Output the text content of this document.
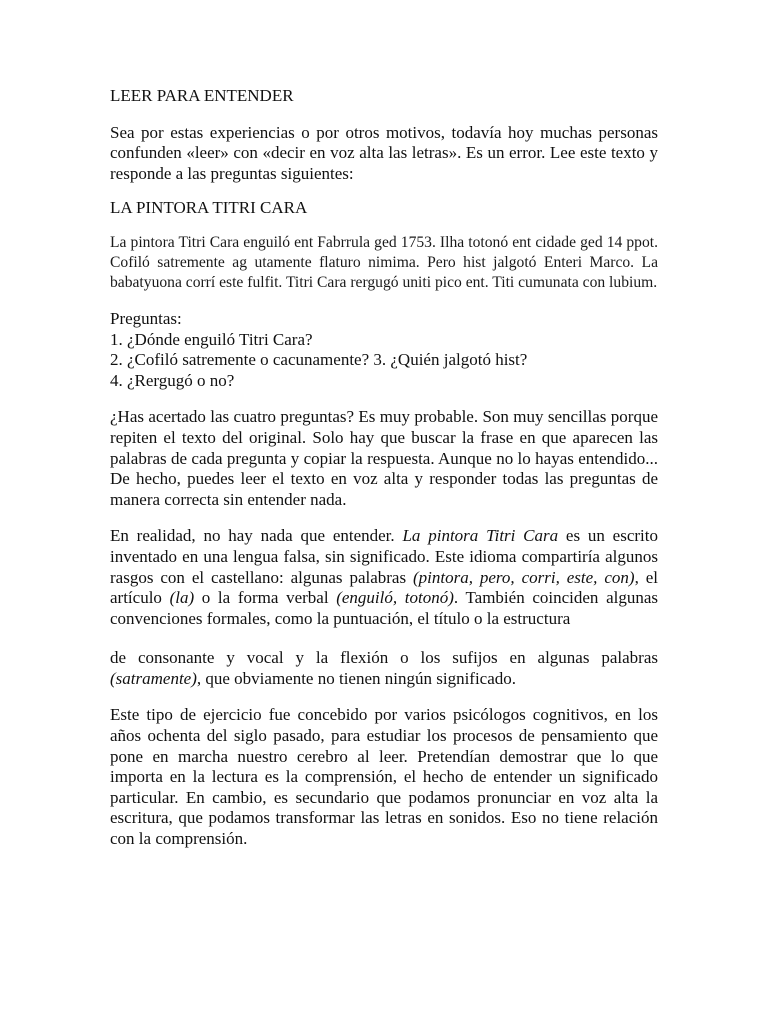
LEER PARA ENTENDER

Sea por estas experiencias o por otros motivos, todavía hoy muchas personas confunden «leer» con «decir en voz alta las letras». Es un error. Lee este texto y responde a las preguntas siguientes:

LA PINTORA TITRI CARA

La pintora Titri Cara enguiló ent Fabrrula ged 1753. Ilha totonó ent cidade ged 14 ppot. Cofiló satremente ag utamente flaturo nimima. Pero hist jalgotó Enteri Marco. La babatyuona corrí este fulfit. Titri Cara rergugó uniti pico ent. Titi cumunata con lubium.

Preguntas:
1. ¿Dónde enguiló Titri Cara?
2. ¿Cofiló satremente o cacunamente? 3. ¿Quién jalgotó hist?
4. ¿Rergugó o no?

¿Has acertado las cuatro preguntas? Es muy probable. Son muy sencillas porque repiten el texto del original. Solo hay que buscar la frase en que aparecen las palabras de cada pregunta y copiar la respuesta. Aunque no lo hayas entendido... De hecho, puedes leer el texto en voz alta y responder todas las preguntas de manera correcta sin entender nada.

En realidad, no hay nada que entender. La pintora Titri Cara es un escrito inventado en una lengua falsa, sin significado. Este idioma compartiría algunos rasgos con el castellano: algunas palabras (pintora, pero, corri, este, con), el artículo (la) o la forma verbal (enguiló, totonó). También coinciden algunas convenciones formales, como la puntuación, el título o la estructura

de consonante y vocal y la flexión o los sufijos en algunas palabras (satramente), que obviamente no tienen ningún significado.

Este tipo de ejercicio fue concebido por varios psicólogos cognitivos, en los años ochenta del siglo pasado, para estudiar los procesos de pensamiento que pone en marcha nuestro cerebro al leer. Pretendían demostrar que lo que importa en la lectura es la comprensión, el hecho de entender un significado particular. En cambio, es secundario que podamos pronunciar en voz alta la escritura, que podamos transformar las letras en sonidos. Eso no tiene relación con la comprensión.
